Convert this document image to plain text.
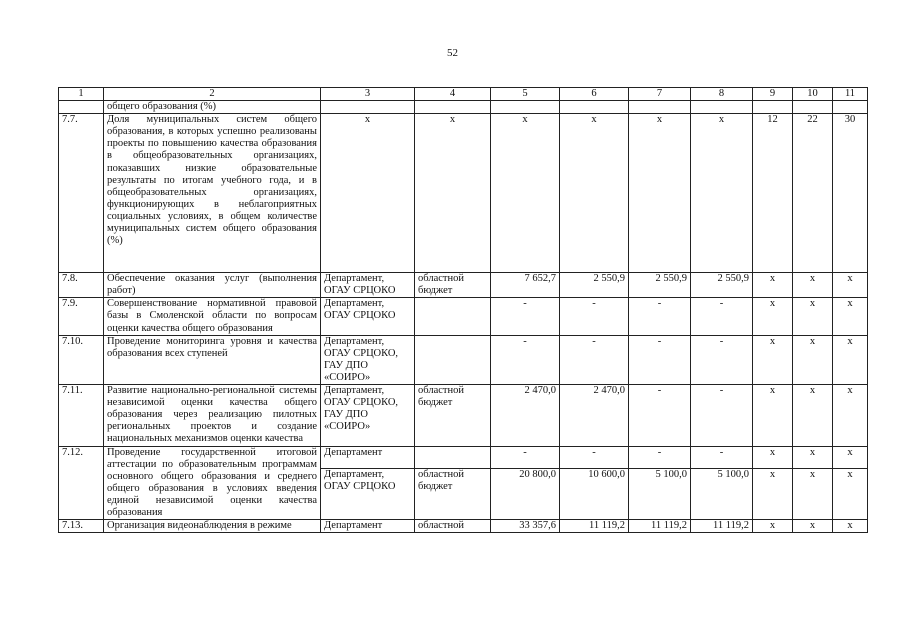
52
1	2	3	4	5	6	7	8	9	10	11
	общего образования (%)									
7.7.	Доля муниципальных систем общего образования, в которых успешно реализованы проекты по повышению качества образования в общеобразовательных организациях, показавших низкие образовательные результаты по итогам учебного года, и в общеобразовательных организациях, функционирующих в неблагоприятных социальных условиях, в общем количестве муниципальных систем общего образования (%)	x	x	x	x	x	x	12	22	30
7.8.	Обеспечение оказания услуг (выполнения работ)	Департамент, ОГАУ СРЦОКО	областной бюджет	7 652,7	2 550,9	2 550,9	2 550,9	x	x	x
7.9.	Совершенствование нормативной правовой базы в Смоленской области по вопросам оценки качества общего образования	Департамент, ОГАУ СРЦОКО		-	-	-	-	x	x	x
7.10.	Проведение мониторинга уровня и качества образования всех ступеней	Департамент, ОГАУ СРЦОКО, ГАУ ДПО «СОИРО»		-	-	-	-	x	x	x
7.11.	Развитие национально-региональной системы независимой оценки качества общего образования через реализацию пилотных региональных проектов и создание национальных механизмов оценки качества	Департамент, ОГАУ СРЦОКО, ГАУ ДПО «СОИРО»	областной бюджет	2 470,0	2 470,0	-	-	x	x	x
7.12.	Проведение государственной итоговой аттестации по образовательным программам основного общего образования и среднего общего образования в условиях введения единой независимой оценки качества образования	Департамент		-	-	-	-	x	x	x
		Департамент, ОГАУ СРЦОКО	областной бюджет	20 800,0	10 600,0	5 100,0	5 100,0	x	x	x
7.13.	Организация видеонаблюдения в режиме	Департамент	областной	33 357,6	11 119,2	11 119,2	11 119,2	x	x	x
